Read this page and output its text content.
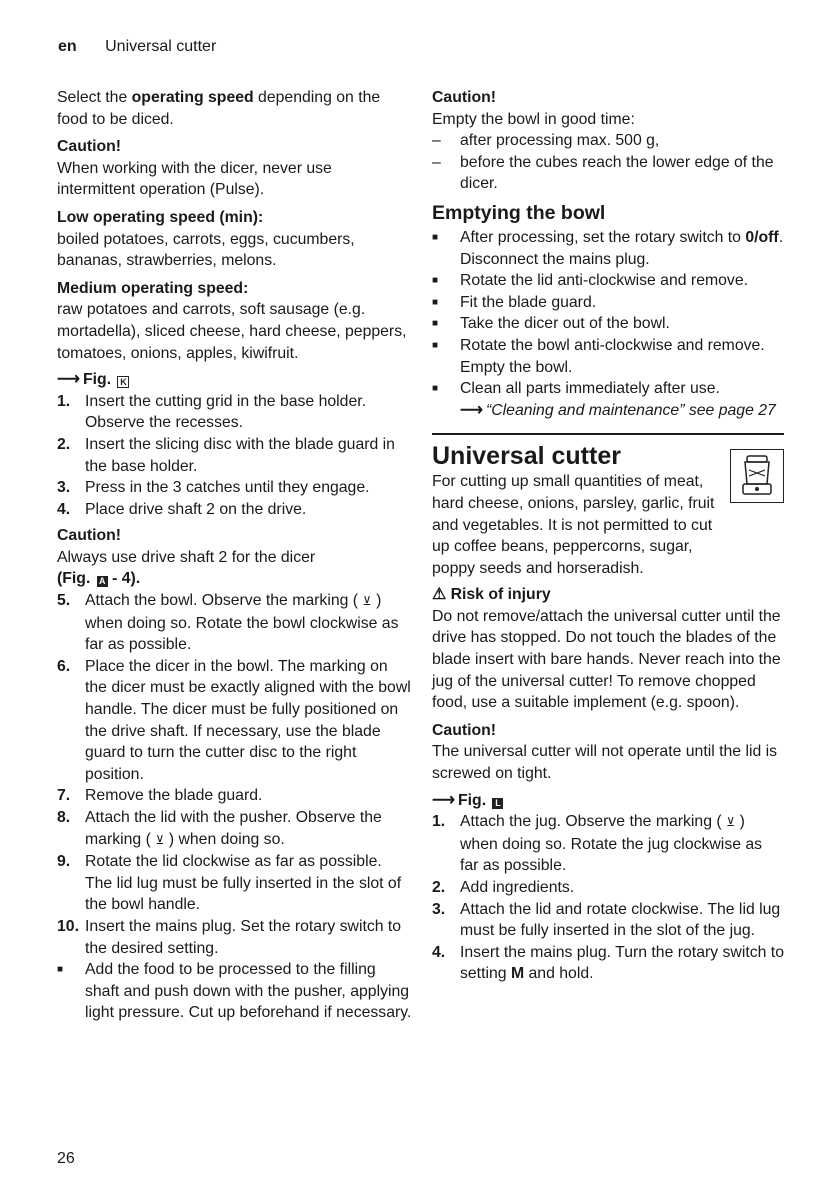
en Universal cutter

Select the operating speed depending on the food to be diced.

Caution!

When working with the dicer, never use intermittent operation (Pulse).

Low operating speed (min):

boiled potatoes, carrots, eggs, cucumbers, bananas, strawberries, melons.

Medium operating speed:

raw potatoes and carrots, soft sausage (e.g. mortadella), sliced cheese, hard cheese, peppers, tomatoes, onions, apples, kiwifruit.

⟶ Fig. K

1. Insert the cutting grid in the base holder. Observe the recesses.
2. Insert the slicing disc with the blade guard in the base holder.
3. Press in the 3 catches until they engage.
4. Place drive shaft 2 on the drive.

Caution!

Always use drive shaft 2 for the dicer

(Fig. A - 4).

5. Attach the bowl. Observe the marking ( ⊻ ) when doing so. Rotate the bowl clockwise as far as possible.
6. Place the dicer in the bowl. The marking on the dicer must be exactly aligned with the bowl handle. The dicer must be fully positioned on the drive shaft. If necessary, use the blade guard to turn the cutter disc to the right position.
7. Remove the blade guard.
8. Attach the lid with the pusher. Observe the marking ( ⊻ ) when doing so.
9. Rotate the lid clockwise as far as possible. The lid lug must be fully inserted in the slot of the bowl handle.
10. Insert the mains plug. Set the rotary switch to the desired setting.
■	Add the food to be processed to the filling shaft and push down with the pusher, applying light pressure. Cut up beforehand if necessary.

Caution!

Empty the bowl in good time:

–	after processing max. 500 g,
–	before the cubes reach the lower edge of the dicer.

Emptying the bowl

■	After processing, set the rotary switch to 0/off. Disconnect the mains plug.
■	Rotate the lid anti-clockwise and remove.
■	Fit the blade guard.
■	Take the dicer out of the bowl.
■	Rotate the bowl anti-clockwise and remove. Empty the bowl.
■	Clean all parts immediately after use.
⟶ “Cleaning and maintenance” see page 27

Universal cutter

For cutting up small quantities of meat, hard cheese, onions, parsley, garlic, fruit and vegetables. It is not permitted to cut up coffee beans, peppercorns, sugar, poppy seeds and horseradish.

⚠ Risk of injury

Do not remove/attach the universal cutter until the drive has stopped. Do not touch the blades of the blade insert with bare hands. Never reach into the jug of the universal cutter! To remove chopped food, use a suitable implement (e.g. spoon).

Caution!

The universal cutter will not operate until the lid is screwed on tight.

⟶ Fig. L

1. Attach the jug. Observe the marking ( ⊻ ) when doing so. Rotate the jug clockwise as far as possible.
2. Add ingredients.
3. Attach the lid and rotate clockwise. The lid lug must be fully inserted in the slot of the jug.
4. Insert the mains plug. Turn the rotary switch to setting M and hold.
26
